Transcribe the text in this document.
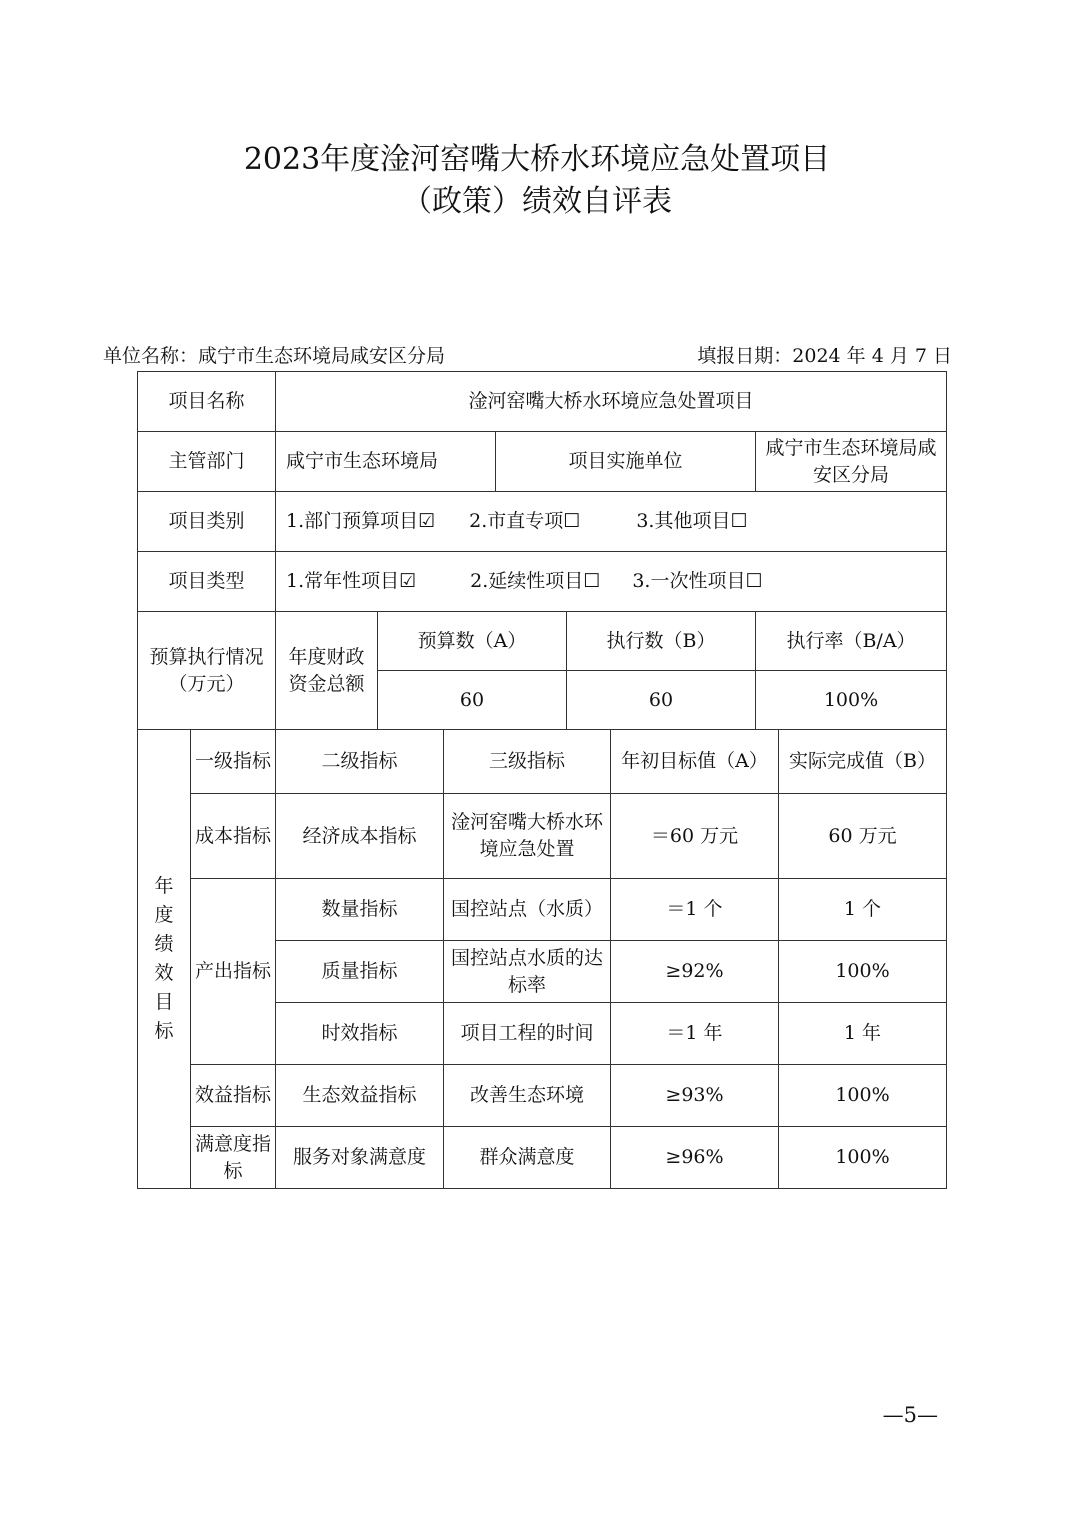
2023年度淦河窑嘴大桥水环境应急处置项目
（政策）绩效自评表
单位名称：咸宁市生态环境局咸安区分局	填报日期：2024 年 4 月 7 日
项目名称	淦河窑嘴大桥水环境应急处置项目				
主管部门	咸宁市生态环境局		项目实施单位		咸宁市生态环境局咸安区分局
项目类别	1.部门预算项目☑ 2.市直专项☐ 3.其他项目☐				
项目类型	1.常年性项目☑ 2.延续性项目☐ 3.一次性项目☐				
预算执行情况（万元）	年度财政资金总额	预算数（A）		执行数（B）	执行率（B/A）
		60		60	100%
年度绩效目标	一级指标	二级指标	三级指标	年初目标值（A）	实际完成值（B）
	成本指标	经济成本指标	淦河窑嘴大桥水环境应急处置	＝60 万元	60 万元
	产出指标	数量指标	国控站点（水质）	＝1 个	1 个
		质量指标	国控站点水质的达标率	≥92%	100%
		时效指标	项目工程的时间	＝1 年	1 年
	效益指标	生态效益指标	改善生态环境	≥93%	100%
	满意度指标	服务对象满意度	群众满意度	≥96%	100%
—5—
